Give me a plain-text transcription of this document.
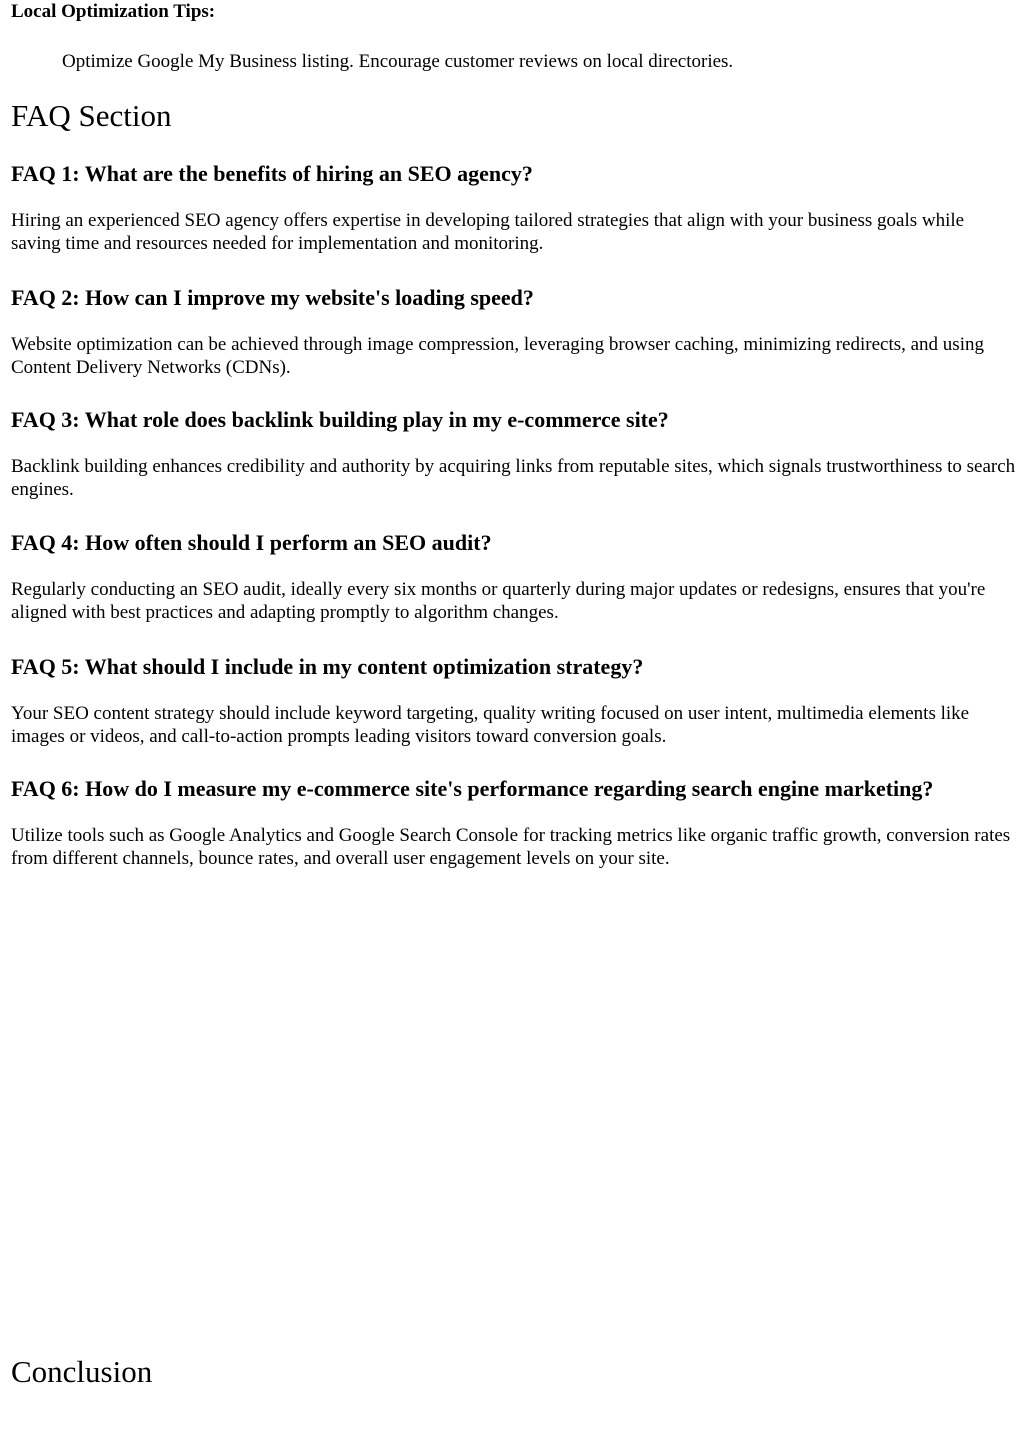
Local Optimization Tips:

Optimize Google My Business listing. Encourage customer reviews on local directories.

FAQ Section
FAQ 1: What are the benefits of hiring an SEO agency?

Hiring an experienced SEO agency offers expertise in developing tailored strategies that align with your business goals while saving time and resources needed for implementation and monitoring.

FAQ 2: How can I improve my website's loading speed?

Website optimization can be achieved through image compression, leveraging browser caching, minimizing redirects, and using Content Delivery Networks (CDNs).

FAQ 3: What role does backlink building play in my e-commerce site?

Backlink building enhances credibility and authority by acquiring links from reputable sites, which signals trustworthiness to search engines.

FAQ 4: How often should I perform an SEO audit?

Regularly conducting an SEO audit, ideally every six months or quarterly during major updates or redesigns, ensures that you're aligned with best practices and adapting promptly to algorithm changes.

FAQ 5: What should I include in my content optimization strategy?

Your SEO content strategy should include keyword targeting, quality writing focused on user intent, multimedia elements like images or videos, and call-to-action prompts leading visitors toward conversion goals.

FAQ 6: How do I measure my e-commerce site's performance regarding search engine marketing?

Utilize tools such as Google Analytics and Google Search Console for tracking metrics like organic traffic growth, conversion rates from different channels, bounce rates, and overall user engagement levels on your site.

Conclusion
